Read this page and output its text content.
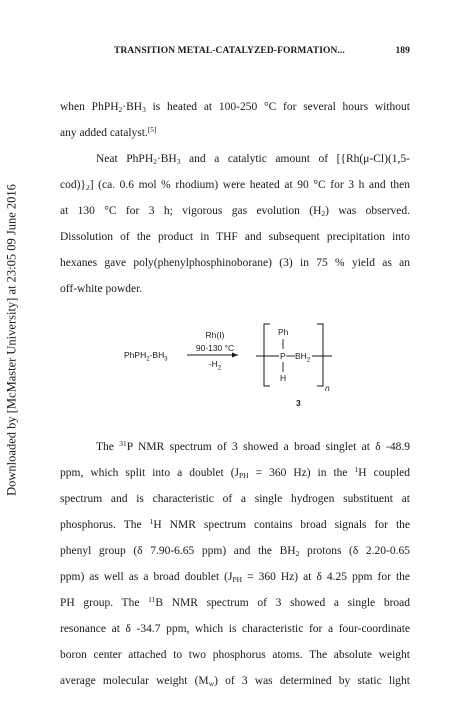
Downloaded by [McMaster University] at 23:05 09 June 2016
TRANSITION METAL-CATALYZED-FORMATION...	189

when $PhPH_2\cdot BH_3$ is heated at 100-250 °C for several hours without
any added catalyst.[5]

Neat $PhPH_2\cdot BH_3$ and a catalytic amount of [{Rh(μ-Cl)(1,5-
$cod)\}_2$] (ca. 0.6 mol % rhodium) were heated at 90 °C for 3 h and then
at 130 °C for 3 h; vigorous gas evolution $(H_2)$ was observed.
Dissolution of the product in THF and subsequent precipitation into
hexanes gave poly(phenylphosphinoborane) (3) in 75 % yield as an
off-white powder.

$PhPH_2-BH_3$
Rh(I)
90-130 °C
$-H_2$
P $BH_2$
Ph
H
n
3

The $^{31}$P NMR spectrum of 3 showed a broad singlet at δ -48.9
ppm, which split into a doublet ($J_{PH} = 360$ Hz) in the $^1$H coupled
spectrum and is characteristic of a single hydrogen substituent at
phosphorus. The $^1$H NMR spectrum contains broad signals for the
phenyl group (δ 7.90-6.65 ppm) and the $BH_2$ protons (δ 2.20-0.65
ppm) as well as a broad doublet ($J_{PH} = 360$ Hz) at δ 4.25 ppm for the
PH group. The $^{11}$B NMR spectrum of 3 showed a single broad
resonance at δ -34.7 ppm, which is characteristic for a four-coordinate
boron center attached to two phosphorus atoms. The absolute weight
average molecular weight $(M_w)$ of 3 was determined by static light
